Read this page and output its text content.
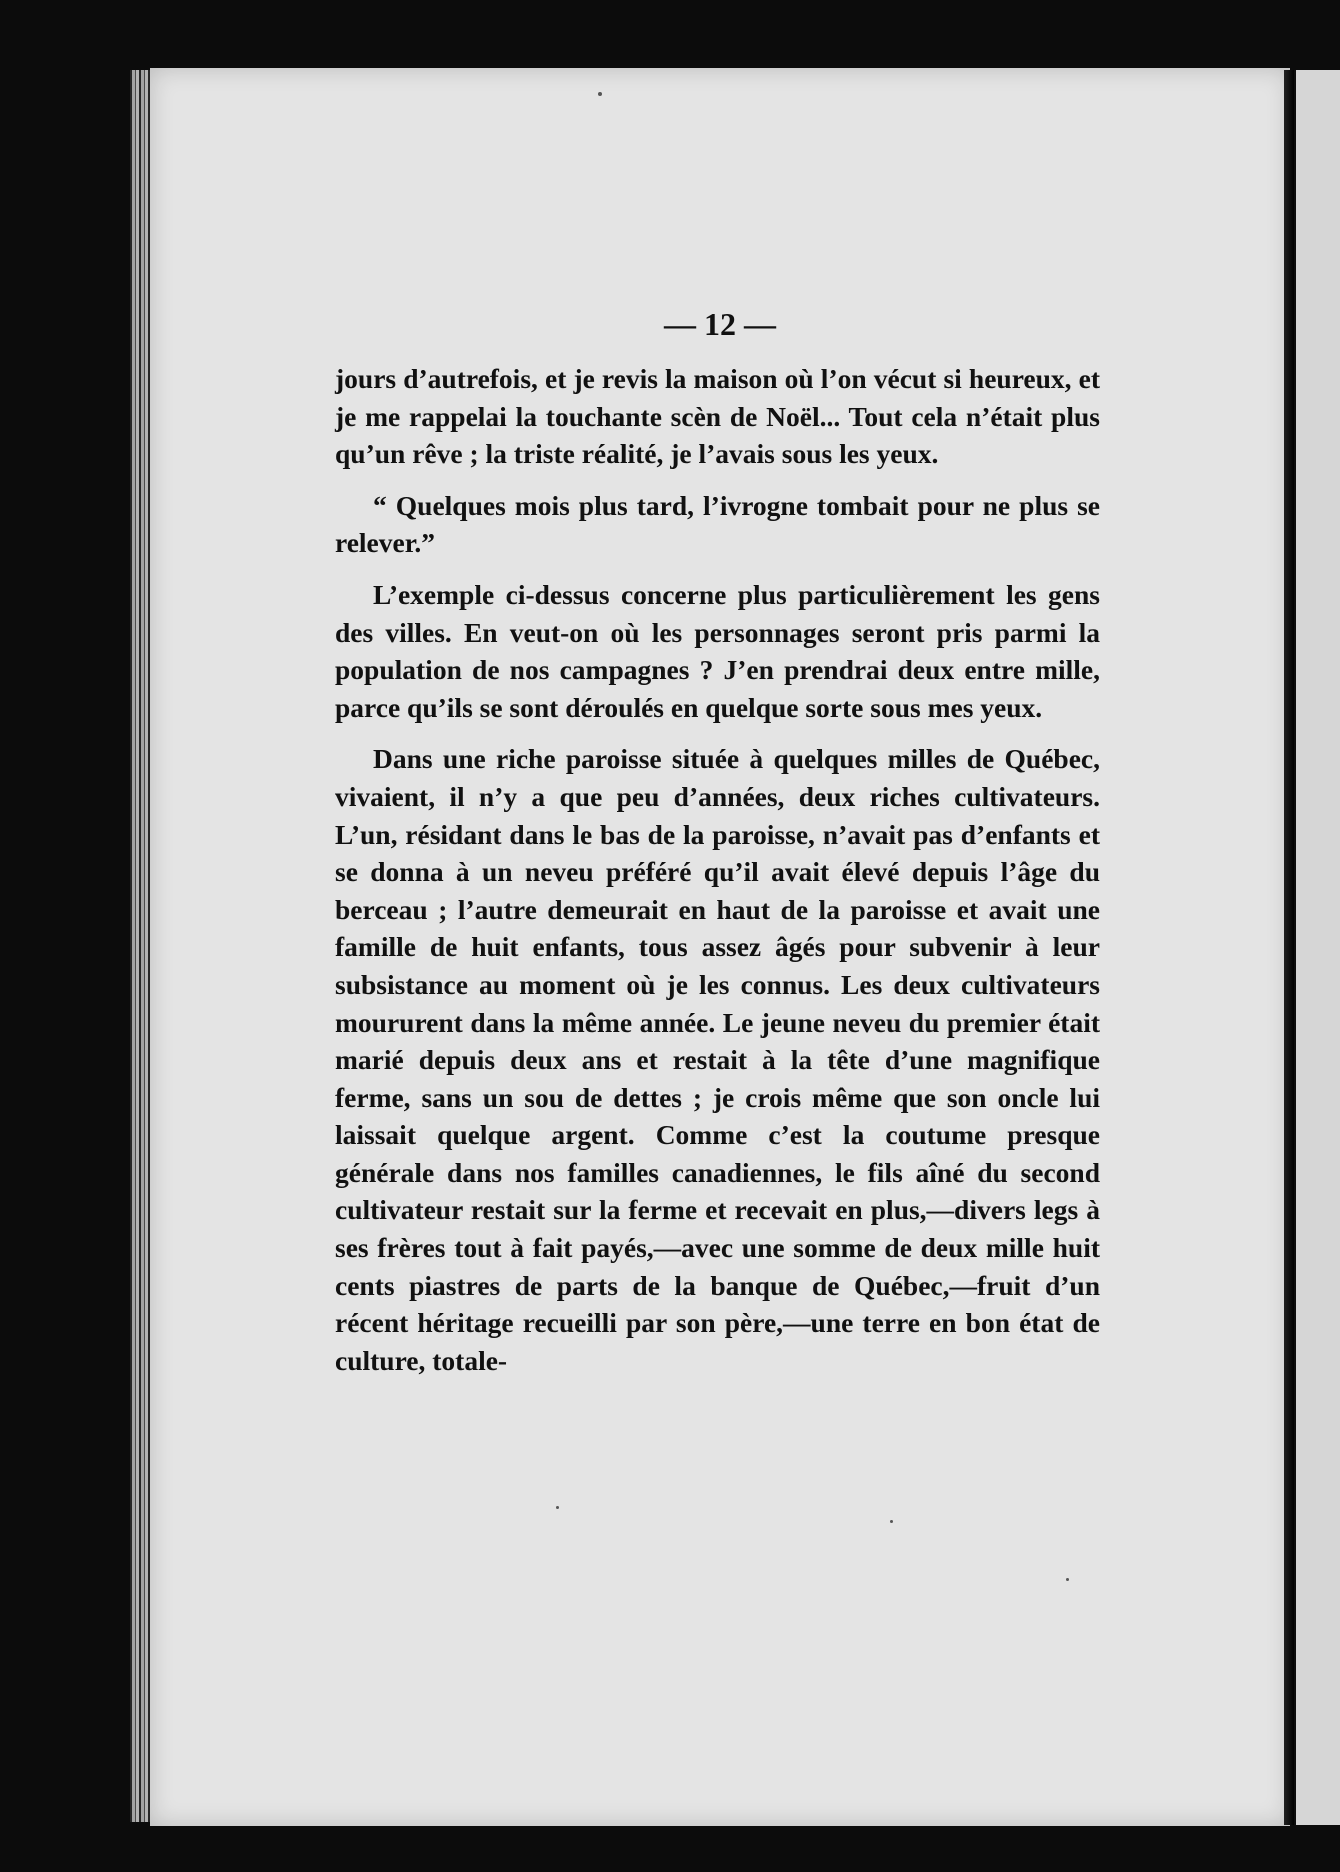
— 12 —

jours d’autrefois, et je revis la maison où l’on vécut si heureux, et je me rappelai la touchante scèn de Noël... Tout cela n’était plus qu’un rêve ; la triste réalité, je l’avais sous les yeux.

“ Quelques mois plus tard, l’ivrogne tombait pour ne plus se relever.”

L’exemple ci-dessus concerne plus particulièrement les gens des villes. En veut-on où les personnages seront pris parmi la population de nos campagnes ? J’en prendrai deux entre mille, parce qu’ils se sont déroulés en quelque sorte sous mes yeux.

Dans une riche paroisse située à quelques milles de Québec, vivaient, il n’y a que peu d’années, deux riches cultivateurs. L’un, résidant dans le bas de la paroisse, n’avait pas d’enfants et se donna à un neveu préféré qu’il avait élevé depuis l’âge du berceau ; l’autre demeurait en haut de la paroisse et avait une famille de huit enfants, tous assez âgés pour subvenir à leur subsistance au moment où je les connus. Les deux cultivateurs moururent dans la même année. Le jeune neveu du premier était marié depuis deux ans et restait à la tête d’une magnifique ferme, sans un sou de dettes ; je crois même que son oncle lui laissait quelque argent. Comme c’est la coutume presque générale dans nos familles canadiennes, le fils aîné du second cultivateur restait sur la ferme et recevait en plus,—divers legs à ses frères tout à fait payés,—avec une somme de deux mille huit cents piastres de parts de la banque de Québec,—fruit d’un récent héritage recueilli par son père,—une terre en bon état de culture, totale-
